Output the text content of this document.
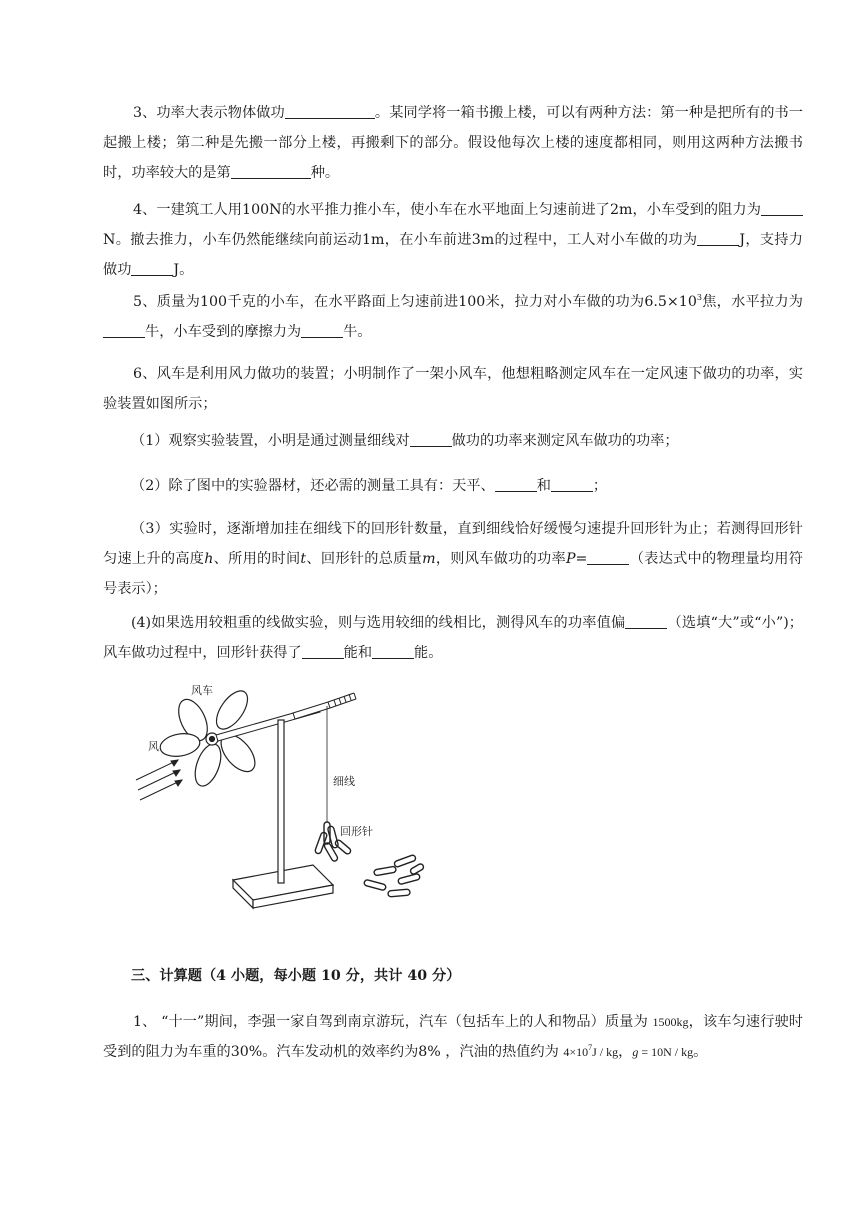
3、功率大表示物体做功	。某同学将一箱书搬上楼，可以有两种方法：第一种是把所有的书一起搬上楼；第二种是先搬一部分上楼，再搬剩下的部分。假设他每次上楼的速度都相同，则用这两种方法搬书时，功率较大的是第	种。

4、一建筑工人用100N的水平推力推小车，使小车在水平地面上匀速前进了2m，小车受到的阻力为N。撤去推力，小车仍然能继续向前运动1m，在小车前进3m的过程中，工人对小车做的功为	J，支持力做功	J。

5、质量为100千克的小车，在水平路面上匀速前进100米，拉力对小车做的功为$6.5\times 10^3$焦，水平拉力为牛，小车受到的摩擦力为	牛。

6、风车是利用风力做功的装置；小明制作了一架小风车，他想粗略测定风车在一定风速下做功的功率，实验装置如图所示；

（1）观察实验装置，小明是通过测量细线对	做功的功率来测定风车做功的功率；

（2）除了图中的实验器材，还必需的测量工具有：天平、	和	；

（3）实验时，逐渐增加挂在细线下的回形针数量，直到细线恰好缓慢匀速提升回形针为止；若测得回形针匀速上升的高度h、所用的时间t、回形针的总质量m，则风车做功的功率P=	（表达式中的物理量均用符号表示）；

(4)如果选用较粗重的线做实验，则与选用较细的线相比，测得风车的功率值偏	（选填“大”或“小”)；风车做功过程中，回形针获得了	能和	能。

风车
风
细线
回形针

三、计算题（4 小题，每小题 10 分，共计 40 分）

1、 “十一”期间，李强一家自驾到南京游玩，汽车（包括车上的人和物品）质量为 1500kg，该车匀速行驶时受到的阻力为车重的30%。汽车发动机的效率约为8% ，汽油的热值约为 $4\times 10^7J$ / kg，g = 10N / kg。
